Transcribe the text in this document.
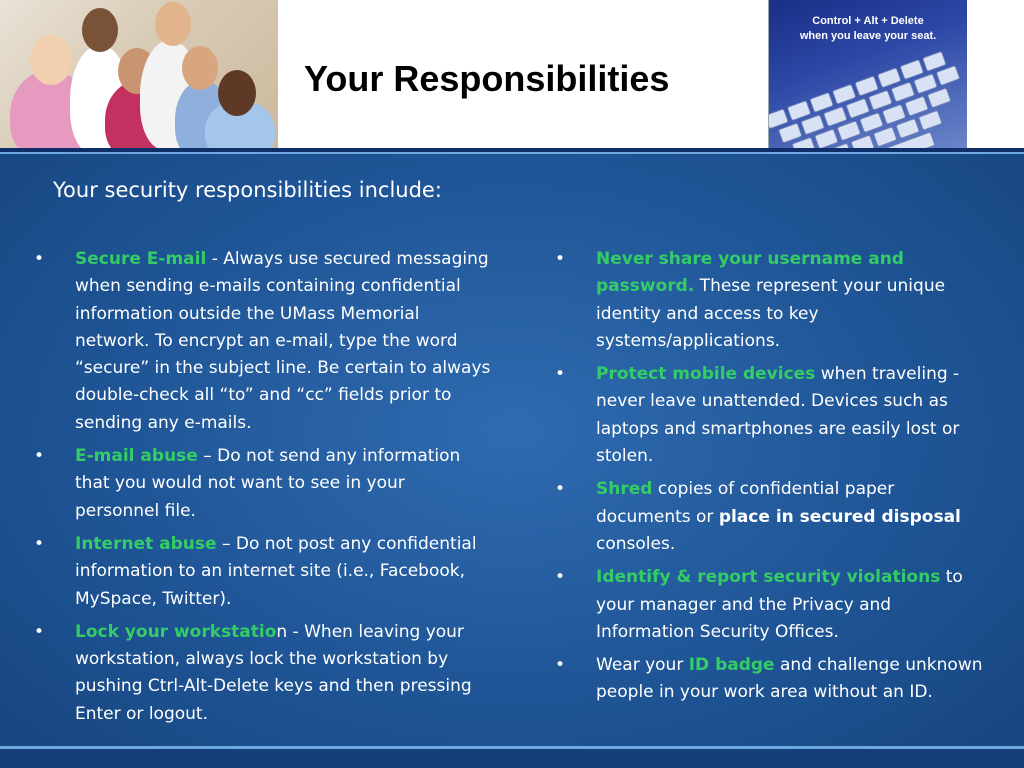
Your Responsibilities
Control + Alt + Delete
when you leave your seat.
Your security responsibilities include:
• Secure E-mail - Always use secured messaging when sending e-mails containing confidential information outside the UMass Memorial network. To encrypt an e-mail, type the word “secure” in the subject line. Be certain to always double-check all “to” and “cc” fields prior to sending any e-mails.
• E-mail abuse – Do not send any information that you would not want to see in your personnel file.
• Internet abuse – Do not post any confidential information to an internet site (i.e., Facebook, MySpace, Twitter).
• Lock your workstation - When leaving your workstation, always lock the workstation by pushing Ctrl-Alt-Delete keys and then pressing Enter or logout.
• Never share your username and password. These represent your unique identity and access to key systems/applications.
• Protect mobile devices when traveling - never leave unattended. Devices such as laptops and smartphones are easily lost or stolen.
• Shred copies of confidential paper documents or place in secured disposal consoles.
• Identify & report security violations to your manager and the Privacy and Information Security Offices.
• Wear your ID badge and challenge unknown people in your work area without an ID.
